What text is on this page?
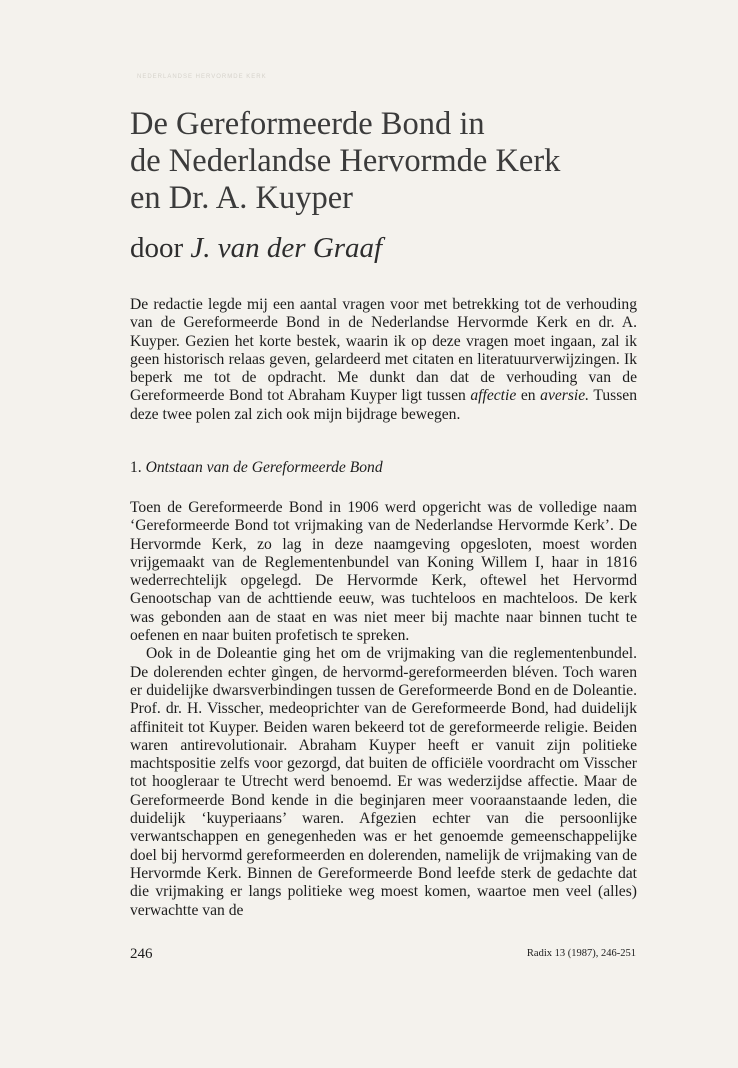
NEDERLANDSE HERVORMDE KERK
De Gereformeerde Bond in
de Nederlandse Hervormde Kerk
en Dr. A. Kuyper
door J. van der Graaf

De redactie legde mij een aantal vragen voor met betrekking tot de verhouding van de Gereformeerde Bond in de Nederlandse Hervormde Kerk en dr. A. Kuyper. Gezien het korte bestek, waarin ik op deze vragen moet ingaan, zal ik geen historisch relaas geven, gelardeerd met citaten en literatuurverwijzingen. Ik beperk me tot de opdracht. Me dunkt dan dat de verhouding van de Gereformeerde Bond tot Abraham Kuyper ligt tussen affectie en aversie. Tussen deze twee polen zal zich ook mijn bijdrage bewegen.

1. Ontstaan van de Gereformeerde Bond

Toen de Gereformeerde Bond in 1906 werd opgericht was de volledige naam ‘Gereformeerde Bond tot vrijmaking van de Nederlandse Hervormde Kerk’. De Hervormde Kerk, zo lag in deze naamgeving opgesloten, moest worden vrijgemaakt van de Reglementenbundel van Koning Willem I, haar in 1816 wederrechtelijk opgelegd. De Hervormde Kerk, oftewel het Hervormd Genootschap van de achttiende eeuw, was tuchteloos en machteloos. De kerk was gebonden aan de staat en was niet meer bij machte naar binnen tucht te oefenen en naar buiten profetisch te spreken.

Ook in de Doleantie ging het om de vrijmaking van die reglementenbundel. De dolerenden echter gìngen, de hervormd-gereformeerden bléven. Toch waren er duidelijke dwarsverbindingen tussen de Gereformeerde Bond en de Doleantie. Prof. dr. H. Visscher, medeoprichter van de Gereformeerde Bond, had duidelijk affiniteit tot Kuyper. Beiden waren bekeerd tot de gereformeerde religie. Beiden waren antirevolutionair. Abraham Kuyper heeft er vanuit zijn politieke machtspositie zelfs voor gezorgd, dat buiten de officiële voordracht om Visscher tot hoogleraar te Utrecht werd benoemd. Er was wederzijdse affectie. Maar de Gereformeerde Bond kende in die beginjaren meer vooraanstaande leden, die duidelijk ‘kuyperiaans’ waren. Afgezien echter van die persoonlijke verwantschappen en genegenheden was er het genoemde gemeenschappelijke doel bij hervormd gereformeerden en dolerenden, namelijk de vrijmaking van de Hervormde Kerk. Binnen de Gereformeerde Bond leefde sterk de gedachte dat die vrijmaking er langs politieke weg moest komen, waartoe men veel (alles) verwachtte van de

246	Radix 13 (1987), 246-251
